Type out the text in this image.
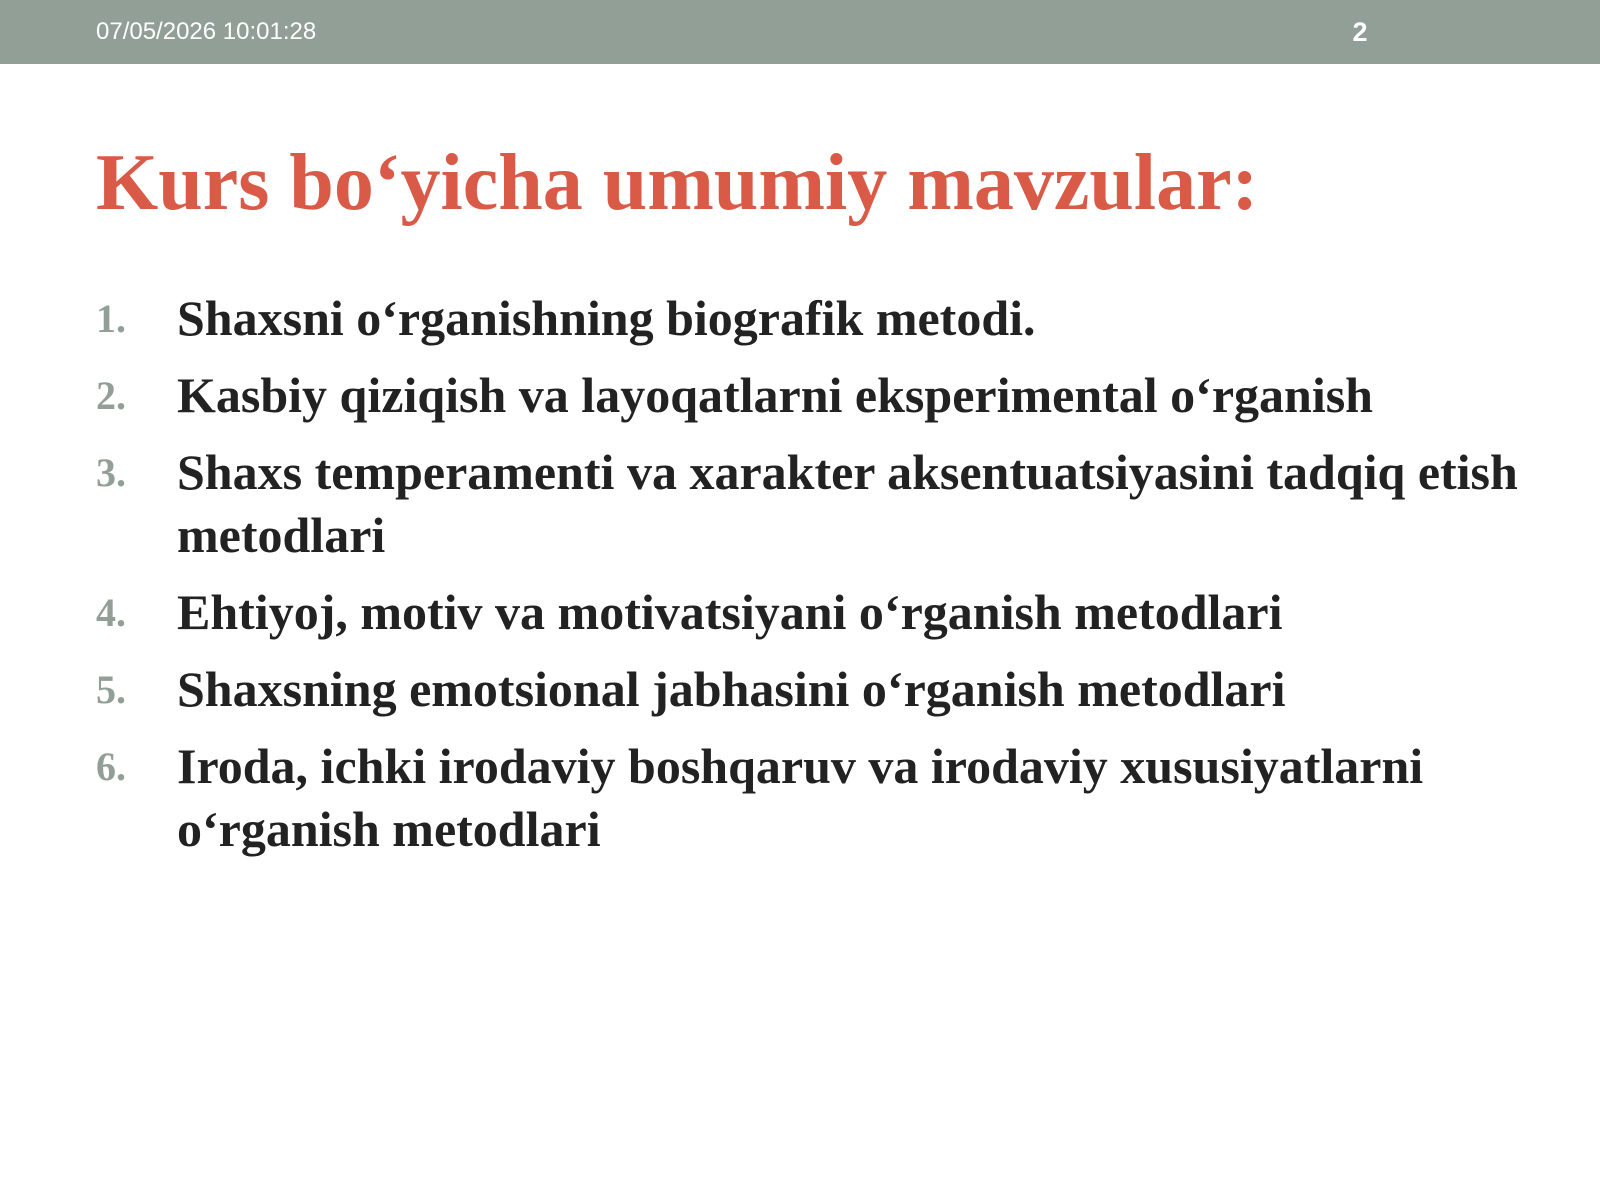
07/05/2026 10:01:28	2
Kurs bo‘yicha umumiy mavzular:
1. Shaxsni o‘rganishning biografik metodi.
2. Kasbiy qiziqish va layoqatlarni eksperimental o‘rganish
3. Shaxs temperamenti va xarakter aksentuatsiyasini tadqiq etish metodlari
4. Ehtiyoj, motiv va motivatsiyani o‘rganish metodlari
5. Shaxsning emotsional jabhasini o‘rganish metodlari
6. Iroda, ichki irodaviy boshqaruv va irodaviy xususiyatlarni o‘rganish metodlari
